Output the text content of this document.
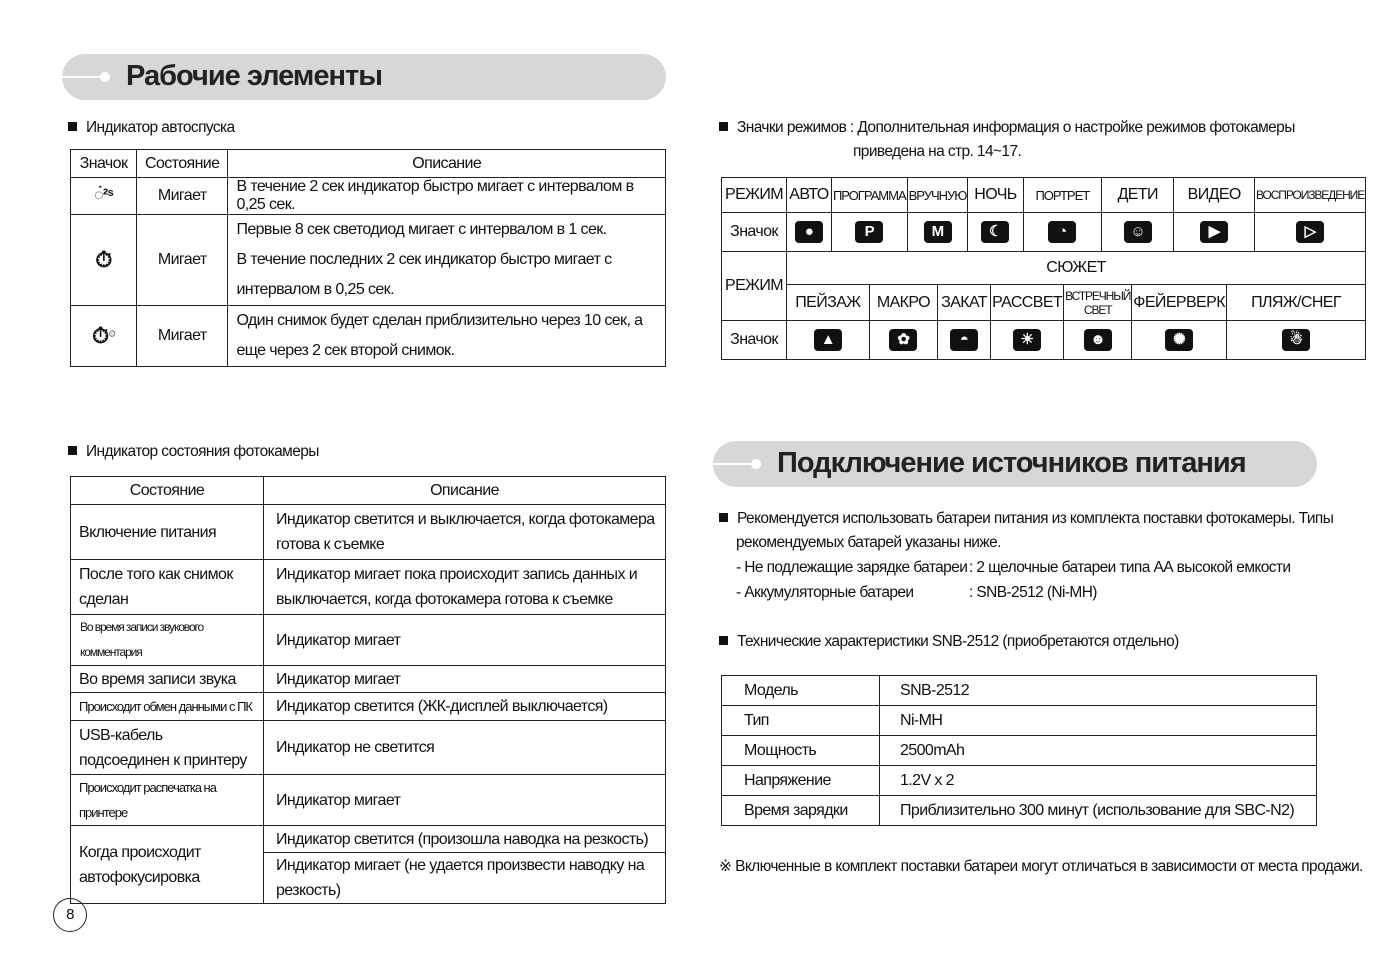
Рабочие элементы
Индикатор автоспуска
Значок	Состояние	Описание
◌̇²ˢ	Мигает	В течение 2 сек индикатор быстро мигает с интервалом в 0,25 сек.
⏱	Мигает	Первые 8 сек светодиод мигает с интервалом в 1 сек.
В течение последних 2 сек индикатор быстро мигает с интервалом в 0,25 сек.

⏱⏲	Мигает	Один снимок будет сделан приблизительно через 10 сек, а еще через 2 сек второй снимок.
Индикатор состояния фотокамеры
Состояние	Описание
Включение питания	Индикатор светится и выключается, когда фотокамера готова к съемке
После того как снимок сделан	Индикатор мигает пока происходит запись данных и выключается, когда фотокамера готова к съемке
Во время записи звукового комментария	Индикатор мигает
Во время записи звука	Индикатор мигает
Происходит обмен данными с ПК	Индикатор светится (ЖК-дисплей выключается)
USB-кабель подсоединен к принтеру	Индикатор не светится
Происходит распечатка на принтере	Индикатор мигает
Когда происходит автофокусировка	Индикатор светится (произошла наводка на резкость)
	Индикатор мигает (не удается произвести наводку на резкость)
8
Значки режимов : Дополнительная информация о настройке режимов фотокамеры
приведена на стр. 14~17.
РЕЖИМ	АВТО	ПРОГРАММА		ВРУЧНУЮ		НОЧЬ		ПОРТРЕТ		ДЕТИ		ВИДЕО		ВОСПРОИЗВЕДЕНИЕ
Значок	●	P		M		☾		◔		☺		▶		▷
РЕЖИМ	СЮЖЕТ													
	ПЕЙЗАЖ		МАКРО		ЗАКАТ		РАССВЕТ		ВСТРЕЧНЫЙ СВЕТ		ФЕЙЕРВЕРК		ПЛЯЖ/СНЕГ	
Значок	▲		✿		◓		☀		☻		✺		☃	
Подключение источников питания
Рекомендуется использовать батареи питания из комплекта поставки фотокамеры. Типы
рекомендуемых батарей указаны ниже.
- Не подлежащие зарядке батареи : 2 щелочные батареи типа АА высокой емкости
- Аккумуляторные батареи	: SNB-2512 (Ni-MH)
Технические характеристики SNB-2512 (приобретаются отдельно)
Модель	SNB-2512
Тип	Ni-MH
Мощность	2500mAh
Напряжение	1.2V x 2
Время зарядки	Приблизительно 300 минут (использование для SBC-N2)
※ Включенные в комплект поставки батареи могут отличаться в зависимости от места продажи.
